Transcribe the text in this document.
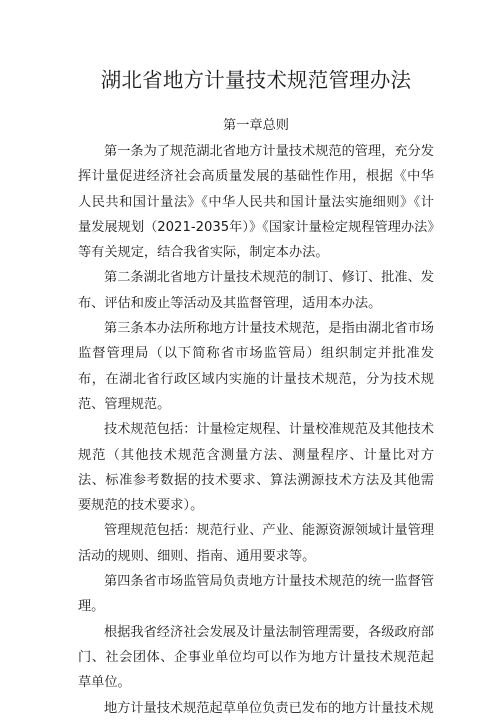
湖北省地方计量技术规范管理办法
第一章总则

第一条为了规范湖北省地方计量技术规范的管理，充分发挥计量促进经济社会高质量发展的基础性作用，根据《中华人民共和国计量法》《中华人民共和国计量法实施细则》《计量发展规划（2021-2035年）》《国家计量检定规程管理办法》等有关规定，结合我省实际，制定本办法。

第二条湖北省地方计量技术规范的制订、修订、批准、发布、评估和废止等活动及其监督管理，适用本办法。

第三条本办法所称地方计量技术规范，是指由湖北省市场监督管理局（以下简称省市场监管局）组织制定并批准发布，在湖北省行政区域内实施的计量技术规范，分为技术规范、管理规范。

技术规范包括：计量检定规程、计量校准规范及其他技术规范（其他技术规范含测量方法、测量程序、计量比对方法、标准参考数据的技术要求、算法溯源技术方法及其他需要规范的技术要求）。

管理规范包括：规范行业、产业、能源资源领域计量管理活动的规则、细则、指南、通用要求等。

第四条省市场监管局负责地方计量技术规范的统一监督管理。

根据我省经济社会发展及计量法制管理需要，各级政府部门、社会团体、企事业单位均可以作为地方计量技术规范起草单位。

地方计量技术规范起草单位负责已发布的地方计量技术规
